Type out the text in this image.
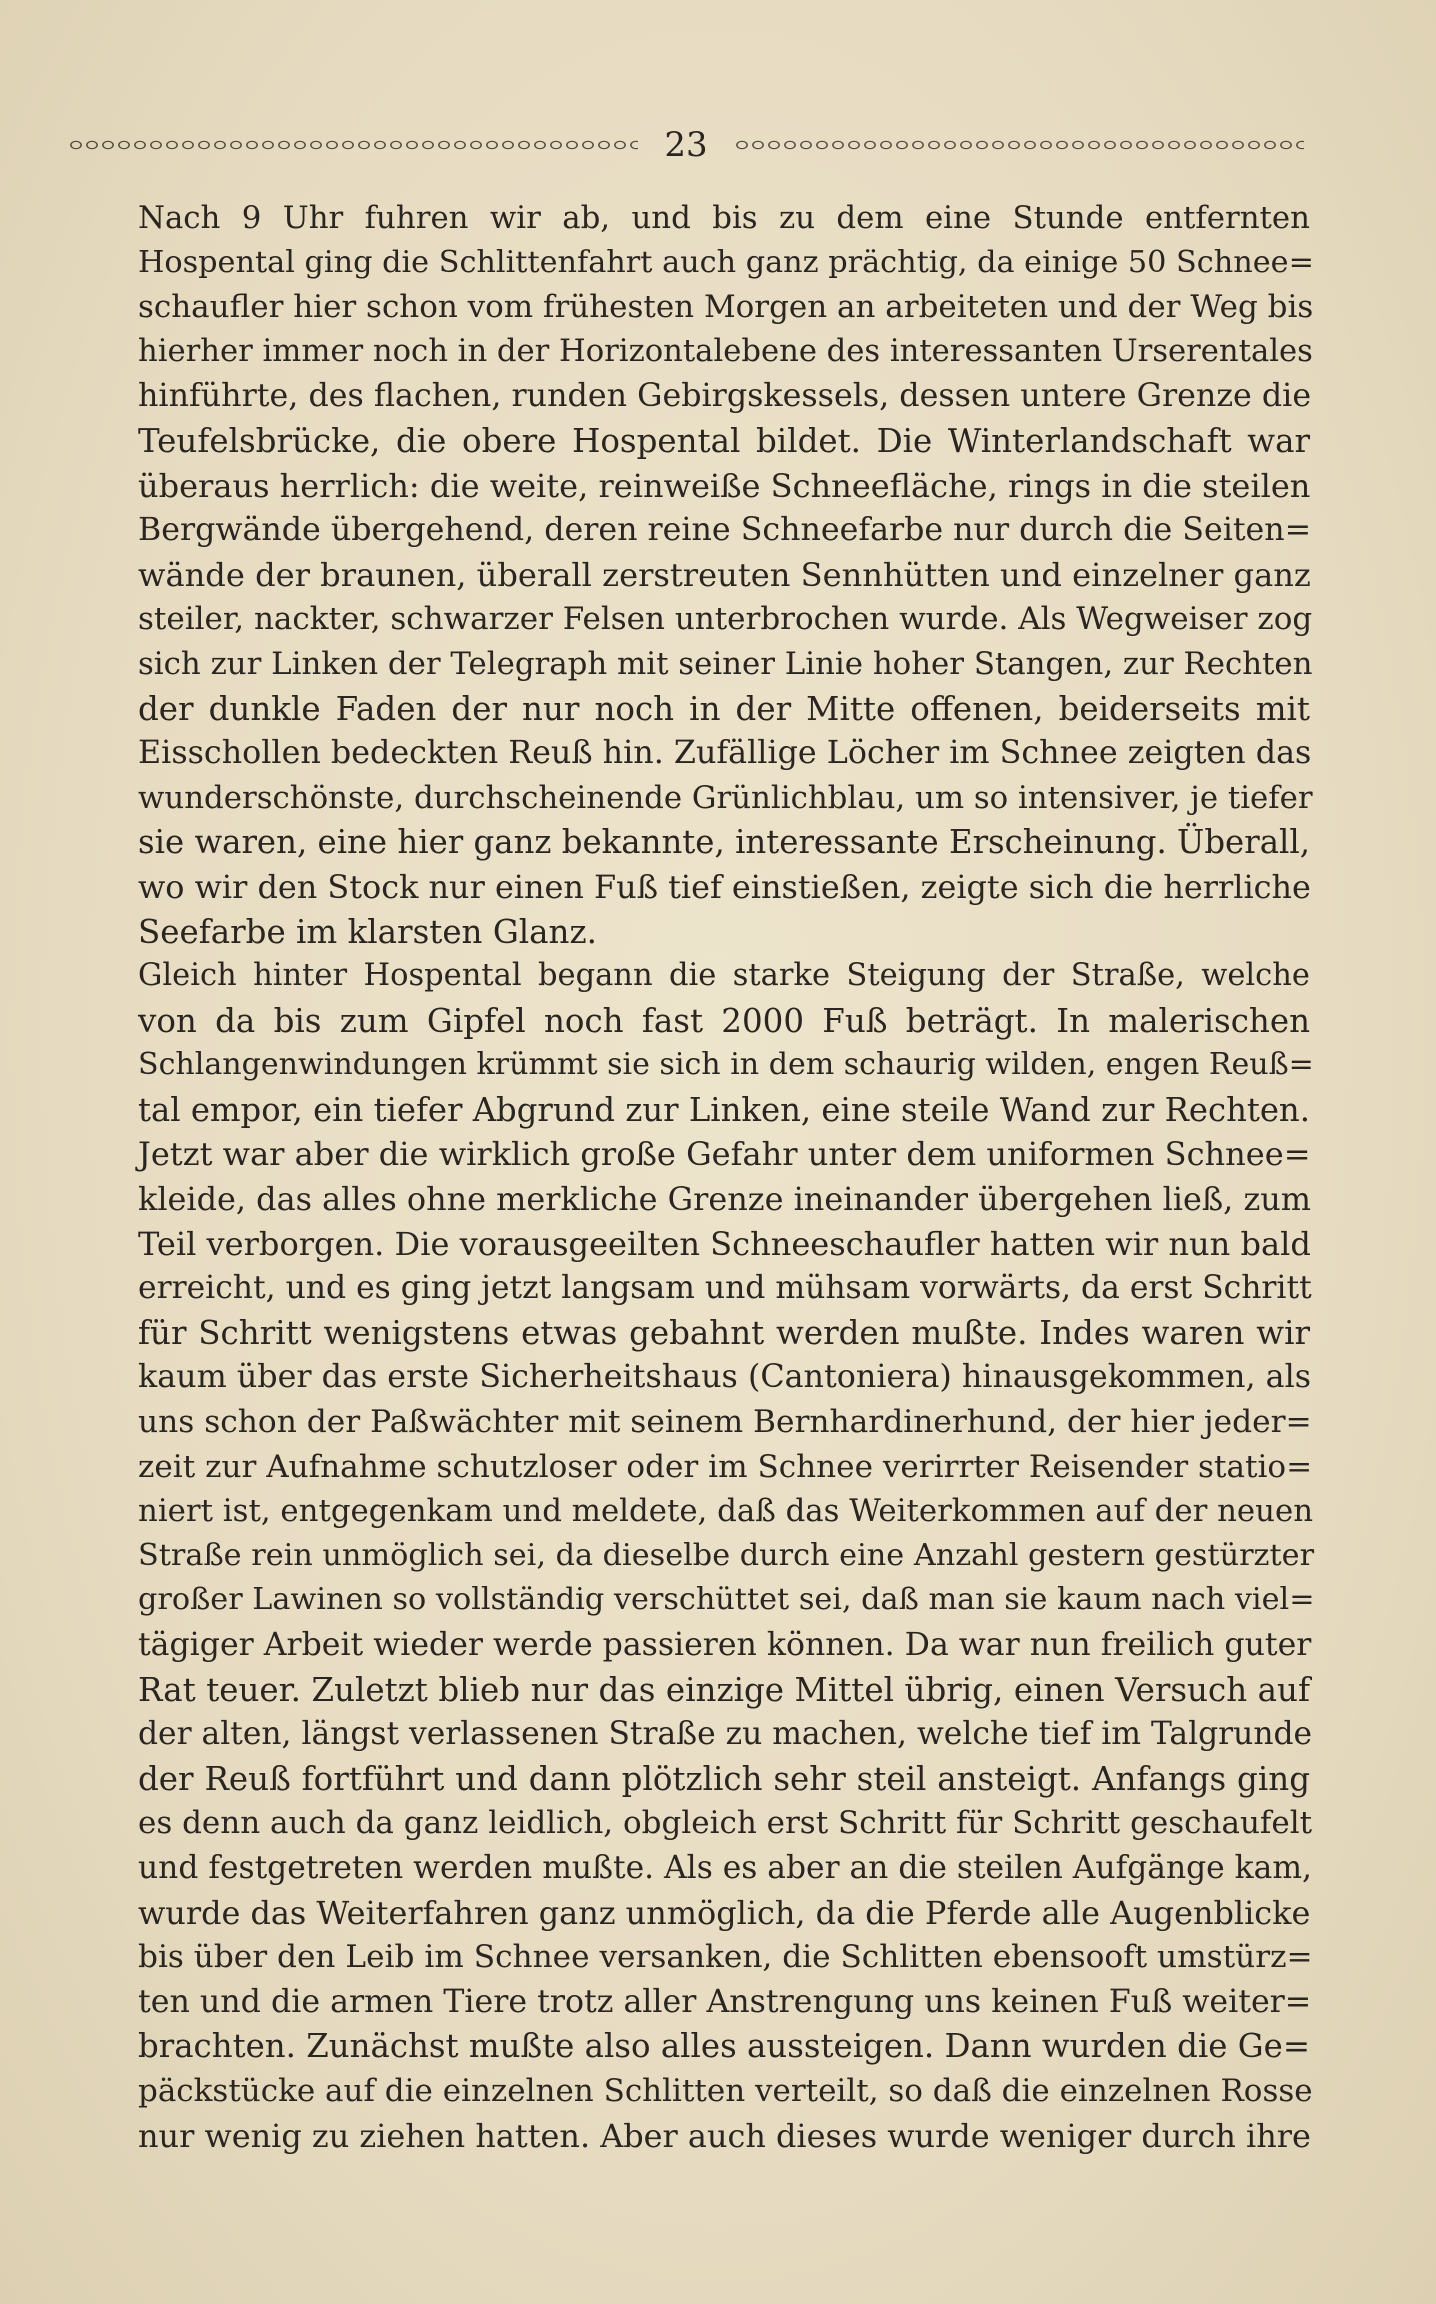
23

Nach 9 Uhr fuhren wir ab, und bis zu dem eine Stunde entfernten
Hospental ging die Schlittenfahrt auch ganz prächtig, da einige 50 Schnee=
schaufler hier schon vom frühesten Morgen an arbeiteten und der Weg bis
hierher immer noch in der Horizontalebene des interessanten Urserentales
hinführte, des flachen, runden Gebirgskessels, dessen untere Grenze die
Teufelsbrücke, die obere Hospental bildet. Die Winterlandschaft war
überaus herrlich: die weite, reinweiße Schneefläche, rings in die steilen
Bergwände übergehend, deren reine Schneefarbe nur durch die Seiten=
wände der braunen, überall zerstreuten Sennhütten und einzelner ganz
steiler, nackter, schwarzer Felsen unterbrochen wurde. Als Wegweiser zog
sich zur Linken der Telegraph mit seiner Linie hoher Stangen, zur Rechten
der dunkle Faden der nur noch in der Mitte offenen, beiderseits mit
Eisschollen bedeckten Reuß hin. Zufällige Löcher im Schnee zeigten das
wunderschönste, durchscheinende Grünlichblau, um so intensiver, je tiefer
sie waren, eine hier ganz bekannte, interessante Erscheinung. Überall,
wo wir den Stock nur einen Fuß tief einstießen, zeigte sich die herrliche
Seefarbe im klarsten Glanz.

Gleich hinter Hospental begann die starke Steigung der Straße, welche
von da bis zum Gipfel noch fast 2000 Fuß beträgt. In malerischen
Schlangenwindungen krümmt sie sich in dem schaurig wilden, engen Reuß=
tal empor, ein tiefer Abgrund zur Linken, eine steile Wand zur Rechten.
Jetzt war aber die wirklich große Gefahr unter dem uniformen Schnee=
kleide, das alles ohne merkliche Grenze ineinander übergehen ließ, zum
Teil verborgen. Die vorausgeeilten Schneeschaufler hatten wir nun bald
erreicht, und es ging jetzt langsam und mühsam vorwärts, da erst Schritt
für Schritt wenigstens etwas gebahnt werden mußte. Indes waren wir
kaum über das erste Sicherheitshaus (Cantoniera) hinausgekommen, als
uns schon der Paßwächter mit seinem Bernhardinerhund, der hier jeder=
zeit zur Aufnahme schutzloser oder im Schnee verirrter Reisender statio=
niert ist, entgegenkam und meldete, daß das Weiterkommen auf der neuen
Straße rein unmöglich sei, da dieselbe durch eine Anzahl gestern gestürzter
großer Lawinen so vollständig verschüttet sei, daß man sie kaum nach viel=
tägiger Arbeit wieder werde passieren können. Da war nun freilich guter
Rat teuer. Zuletzt blieb nur das einzige Mittel übrig, einen Versuch auf
der alten, längst verlassenen Straße zu machen, welche tief im Talgrunde
der Reuß fortführt und dann plötzlich sehr steil ansteigt. Anfangs ging
es denn auch da ganz leidlich, obgleich erst Schritt für Schritt geschaufelt
und festgetreten werden mußte. Als es aber an die steilen Aufgänge kam,
wurde das Weiterfahren ganz unmöglich, da die Pferde alle Augenblicke
bis über den Leib im Schnee versanken, die Schlitten ebensooft umstürz=
ten und die armen Tiere trotz aller Anstrengung uns keinen Fuß weiter=
brachten. Zunächst mußte also alles aussteigen. Dann wurden die Ge=
päckstücke auf die einzelnen Schlitten verteilt, so daß die einzelnen Rosse
nur wenig zu ziehen hatten. Aber auch dieses wurde weniger durch ihre
